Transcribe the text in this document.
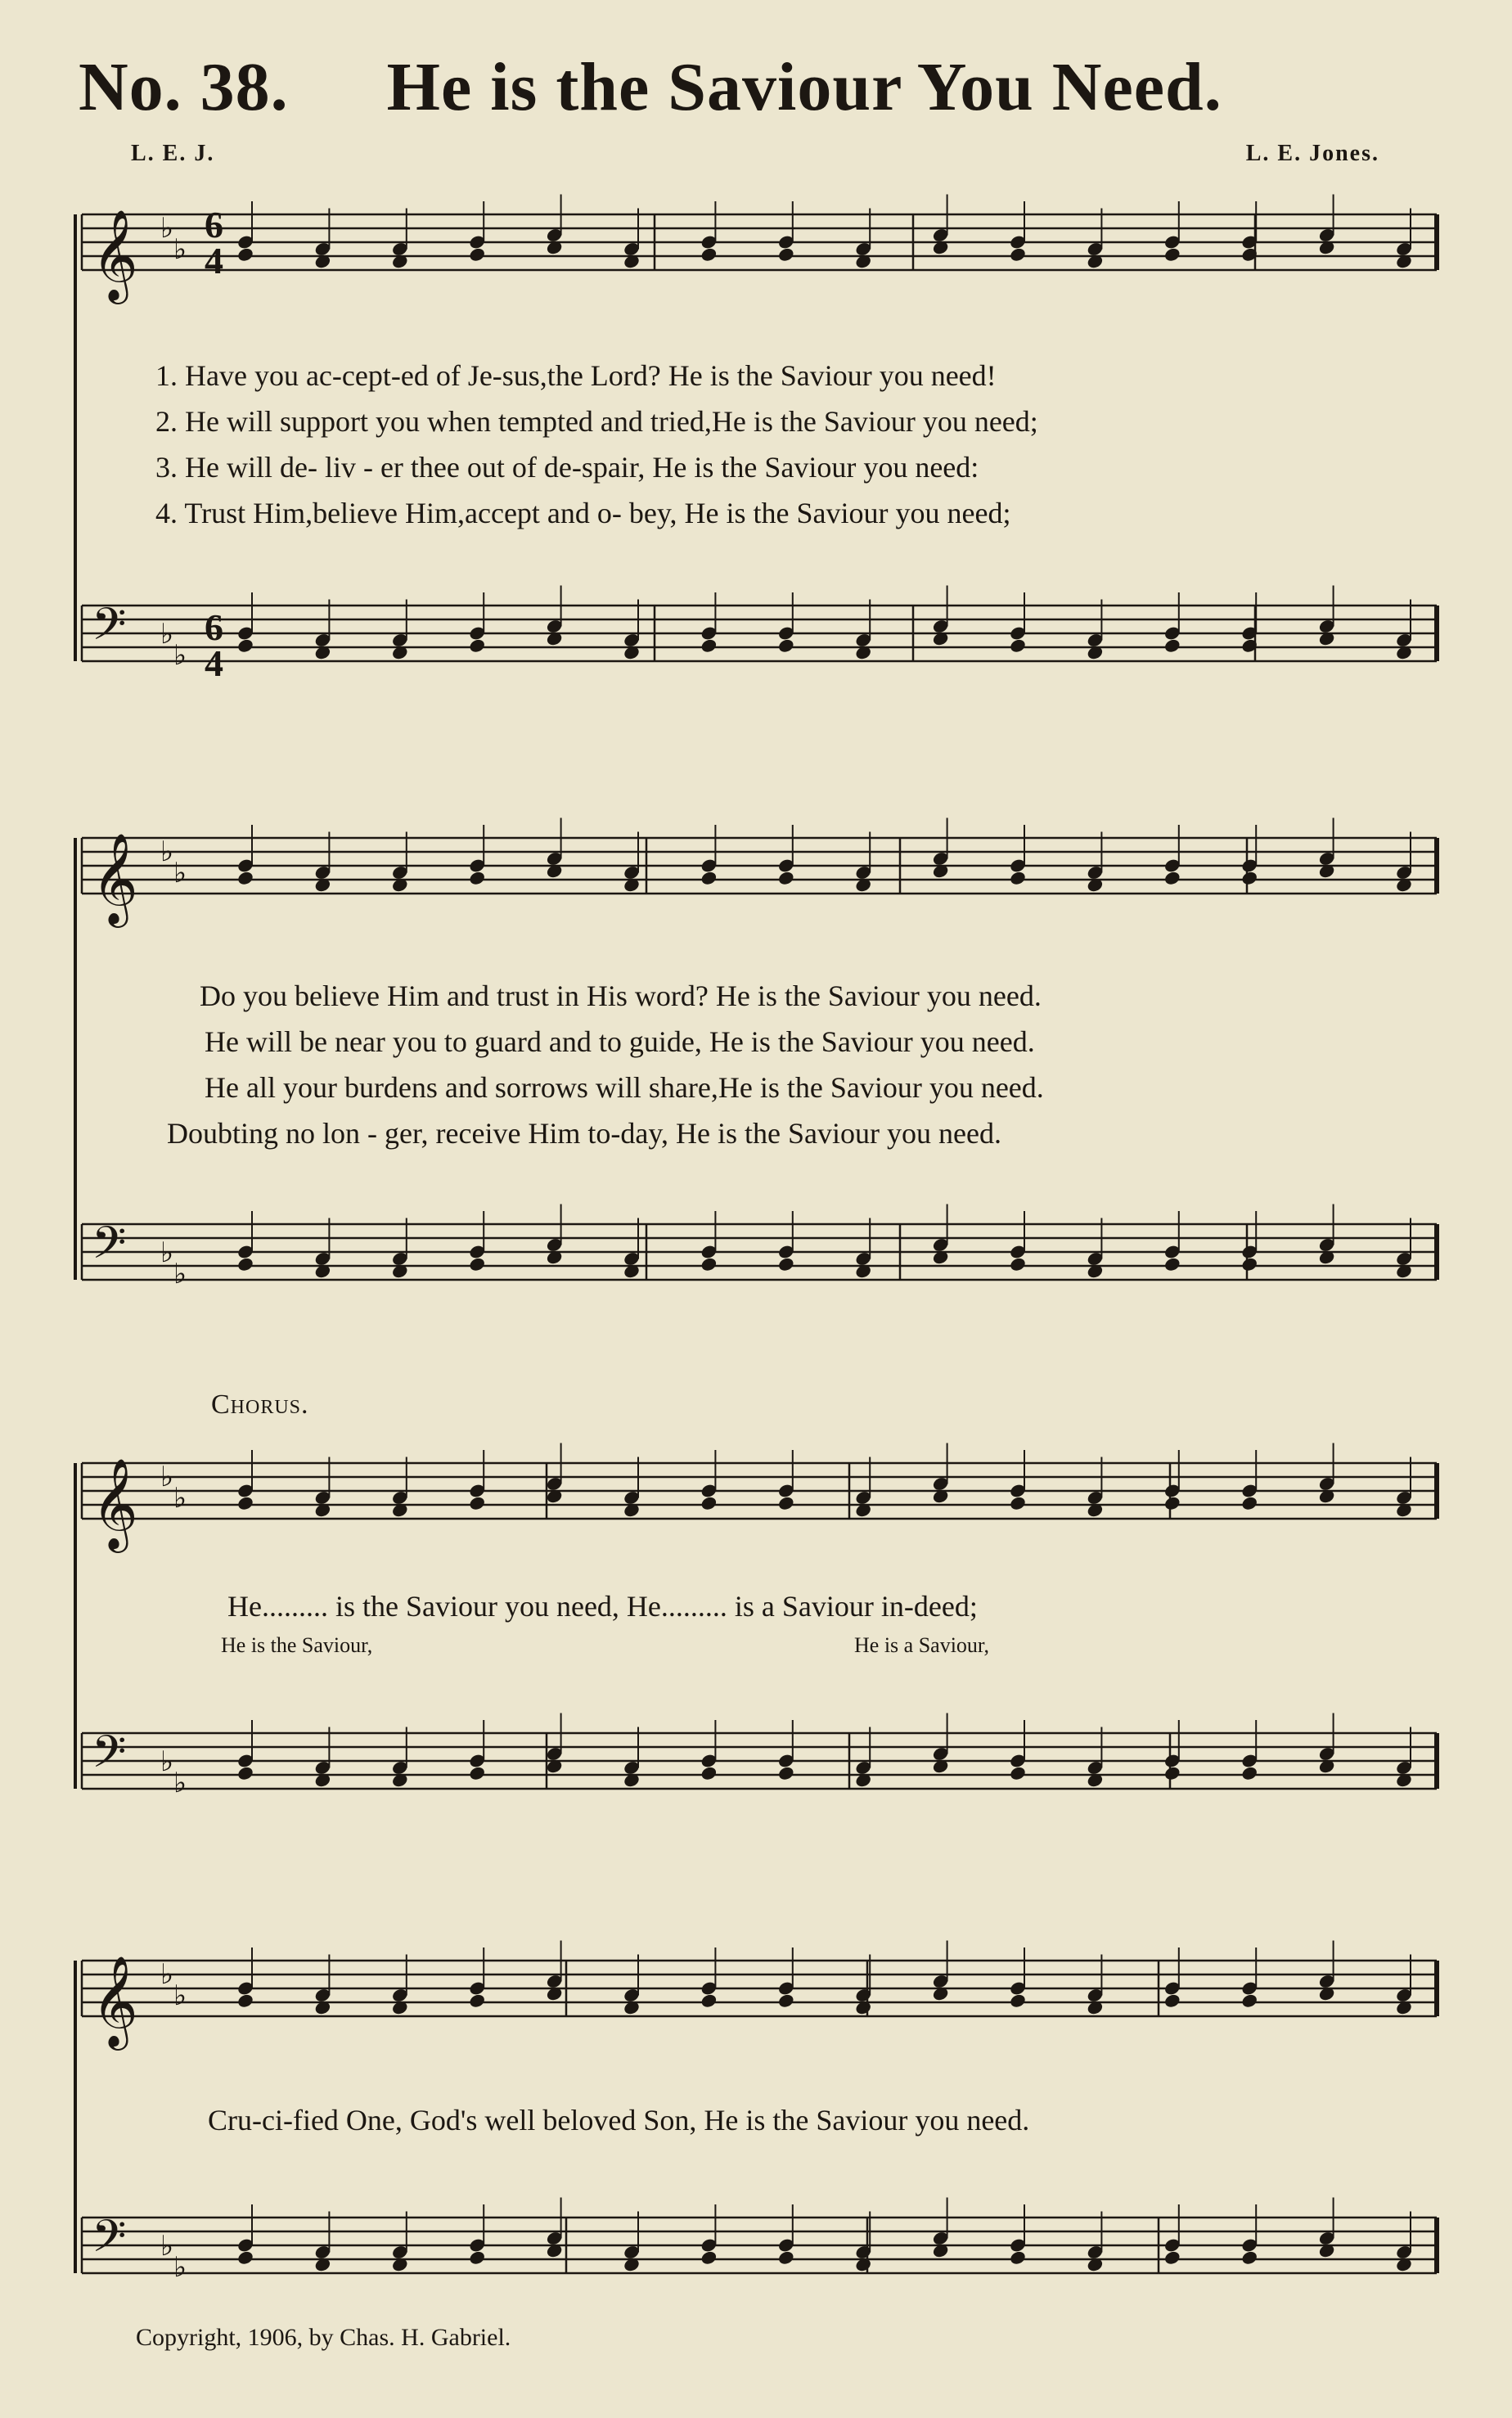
No. 38. He is the Saviour You Need.
L. E. J.	L. E. Jones.
𝄞 ♭
♭
𝄢 ♭
♭
𝄞 ♭
♭
𝄢 ♭
♭
𝄞 ♭
♭
𝄢 ♭
♭
𝄞 ♭
♭
𝄢 ♭
♭
6
4
6
4
1. Have you ac-cept-ed of Je-sus,the Lord? He is the Saviour you need!
2. He will support you when tempted and tried,He is the Saviour you need;
3. He will de- liv - er thee out of de-spair, He is the Saviour you need:
4. Trust Him,believe Him,accept and o- bey, He is the Saviour you need;
Do you believe Him and trust in His word? He is the Saviour you need.
He will be near you to guard and to guide, He is the Saviour you need.
He all your burdens and sorrows will share,He is the Saviour you need.
Doubting no lon - ger, receive Him to-day, He is the Saviour you need.
Chorus.
He......... is the Saviour you need, He......... is a Saviour in-deed;
He is the Saviour,	He is a Saviour,
Cru-ci-fied One, God's well beloved Son, He is the Saviour you need.
Copyright, 1906, by Chas. H. Gabriel.
